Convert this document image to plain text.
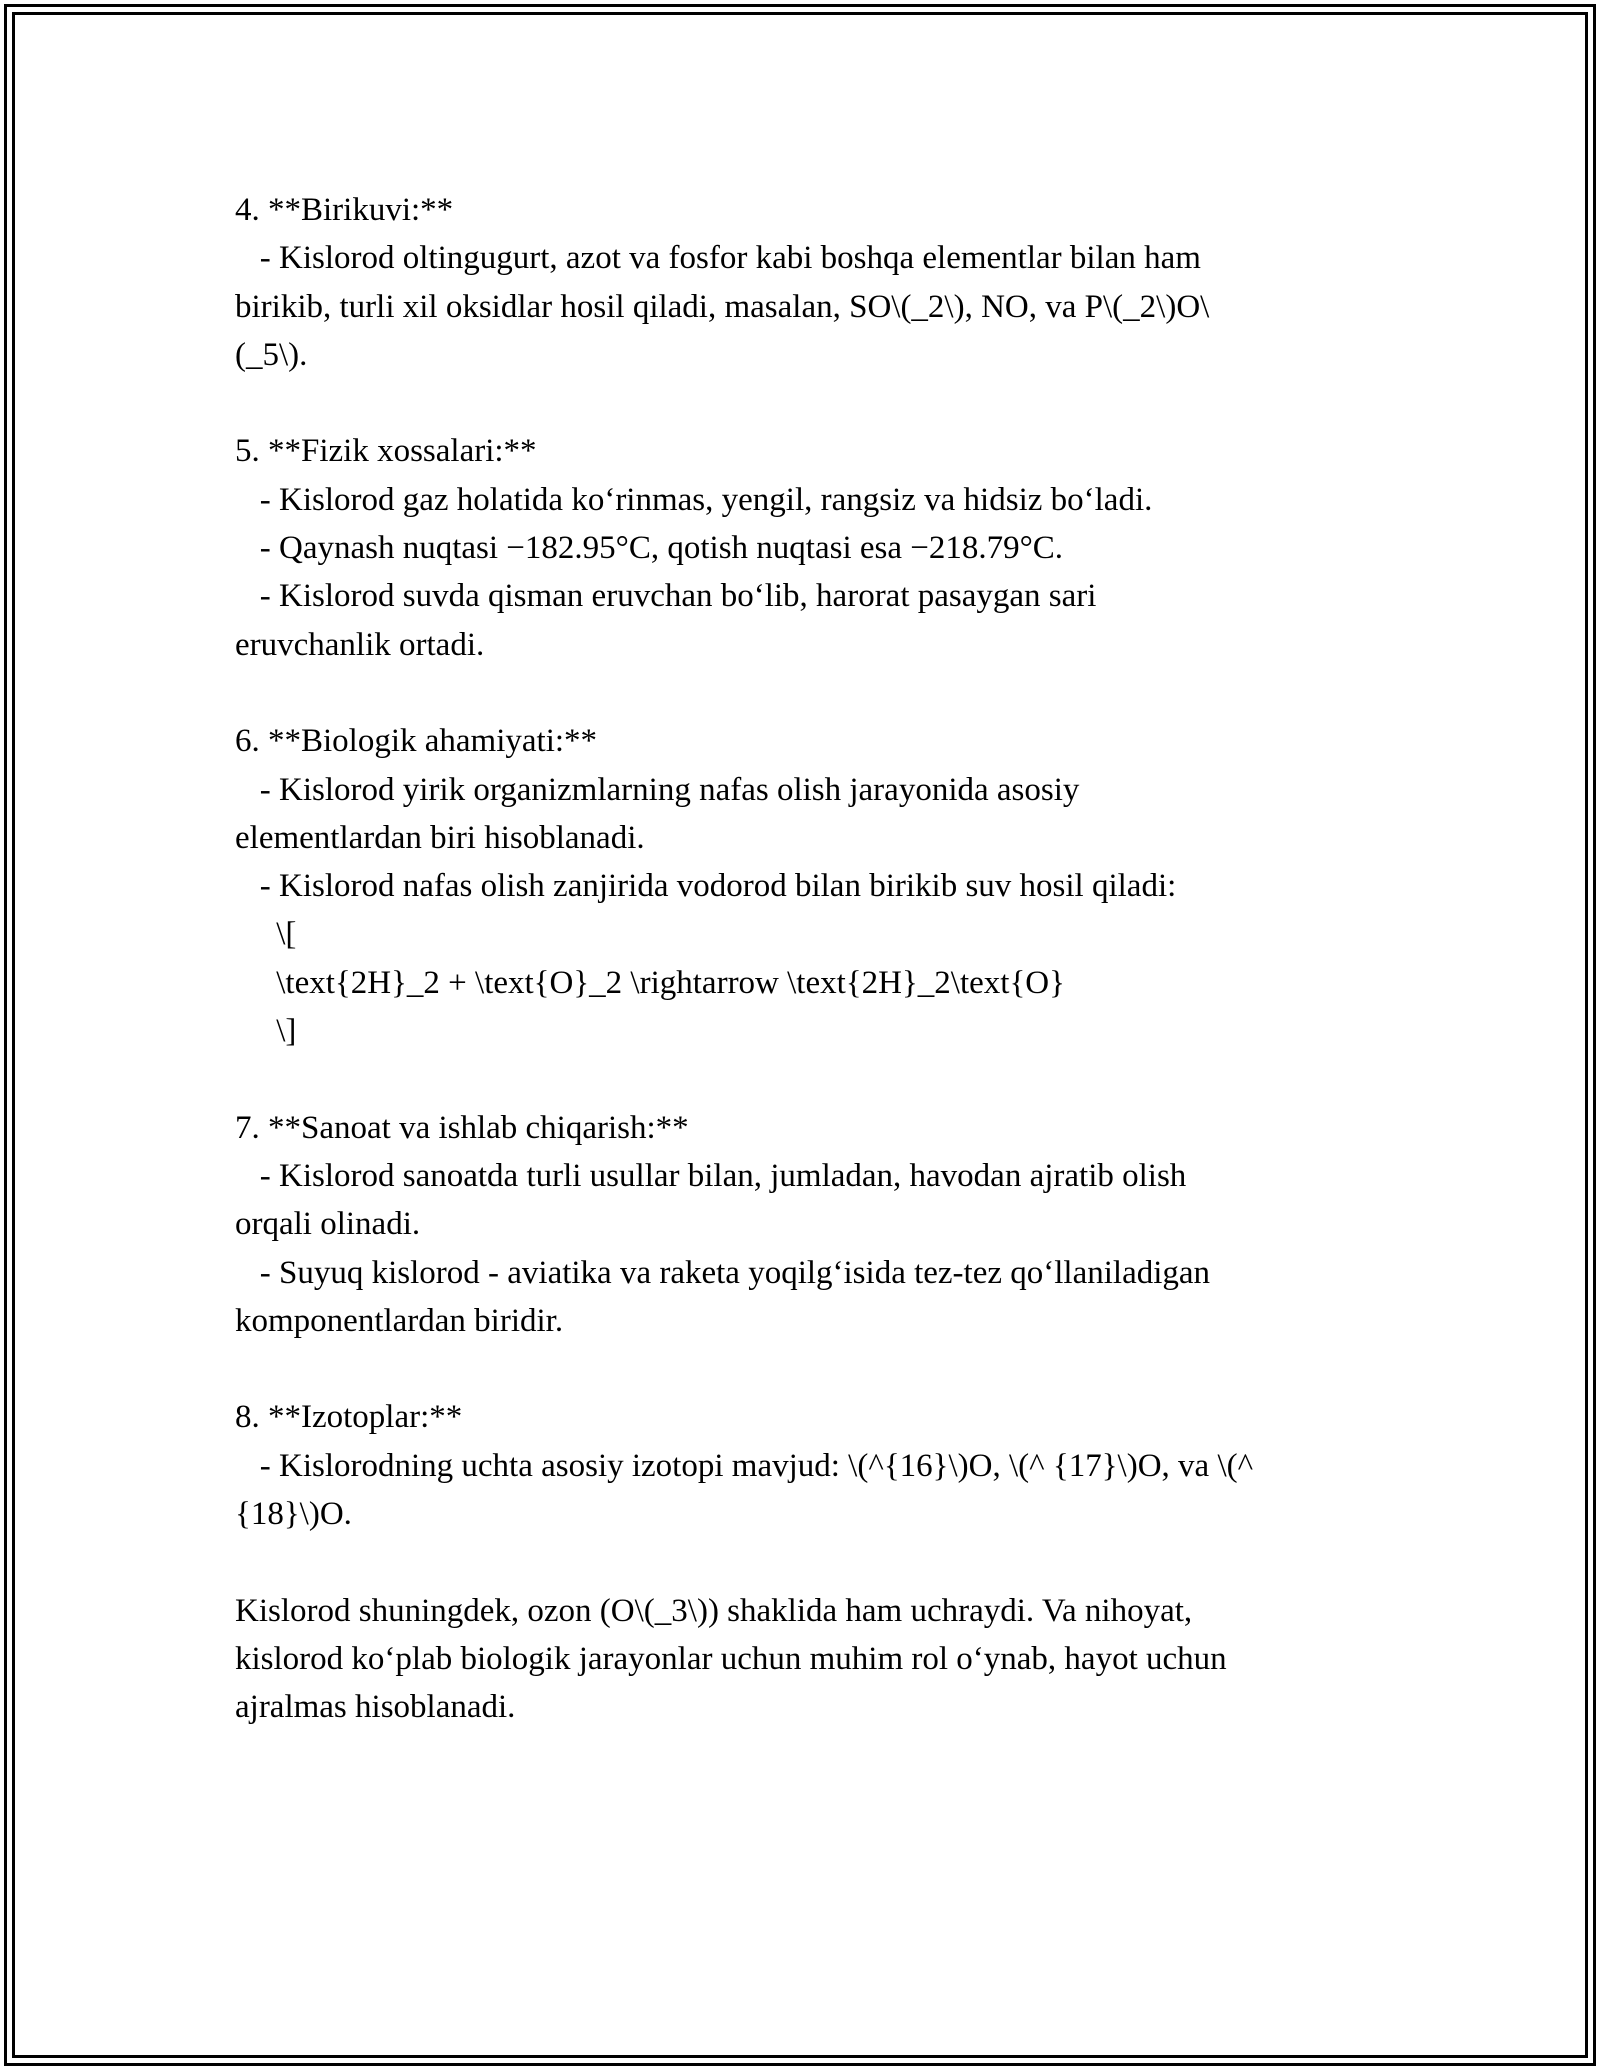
4. **Birikuvi:**

- Kislorod oltingugurt, azot va fosfor kabi boshqa elementlar bilan ham

birikib, turli xil oksidlar hosil qiladi, masalan, SO\(_2\), NO, va P\(_2\)O\

(_5\).

5. **Fizik xossalari:**

- Kislorod gaz holatida koʻrinmas, yengil, rangsiz va hidsiz boʻladi.

- Qaynash nuqtasi −182.95°C, qotish nuqtasi esa −218.79°C.

- Kislorod suvda qisman eruvchan boʻlib, harorat pasaygan sari

eruvchanlik ortadi.

6. **Biologik ahamiyati:**

- Kislorod yirik organizmlarning nafas olish jarayonida asosiy

elementlardan biri hisoblanadi.

- Kislorod nafas olish zanjirida vodorod bilan birikib suv hosil qiladi:

\[

\text{2H}_2 + \text{O}_2 \rightarrow \text{2H}_2\text{O}

\]

7. **Sanoat va ishlab chiqarish:**

- Kislorod sanoatda turli usullar bilan, jumladan, havodan ajratib olish

orqali olinadi.

- Suyuq kislorod - aviatika va raketa yoqilgʻisida tez-tez qoʻllaniladigan

komponentlardan biridir.

8. **Izotoplar:**

- Kislorodning uchta asosiy izotopi mavjud: \(^{16}\)O, \(^ {17}\)O, va \(^

{18}\)O.

Kislorod shuningdek, ozon (O\(_3\)) shaklida ham uchraydi. Va nihoyat,

kislorod koʻplab biologik jarayonlar uchun muhim rol oʻynab, hayot uchun

ajralmas hisoblanadi.
